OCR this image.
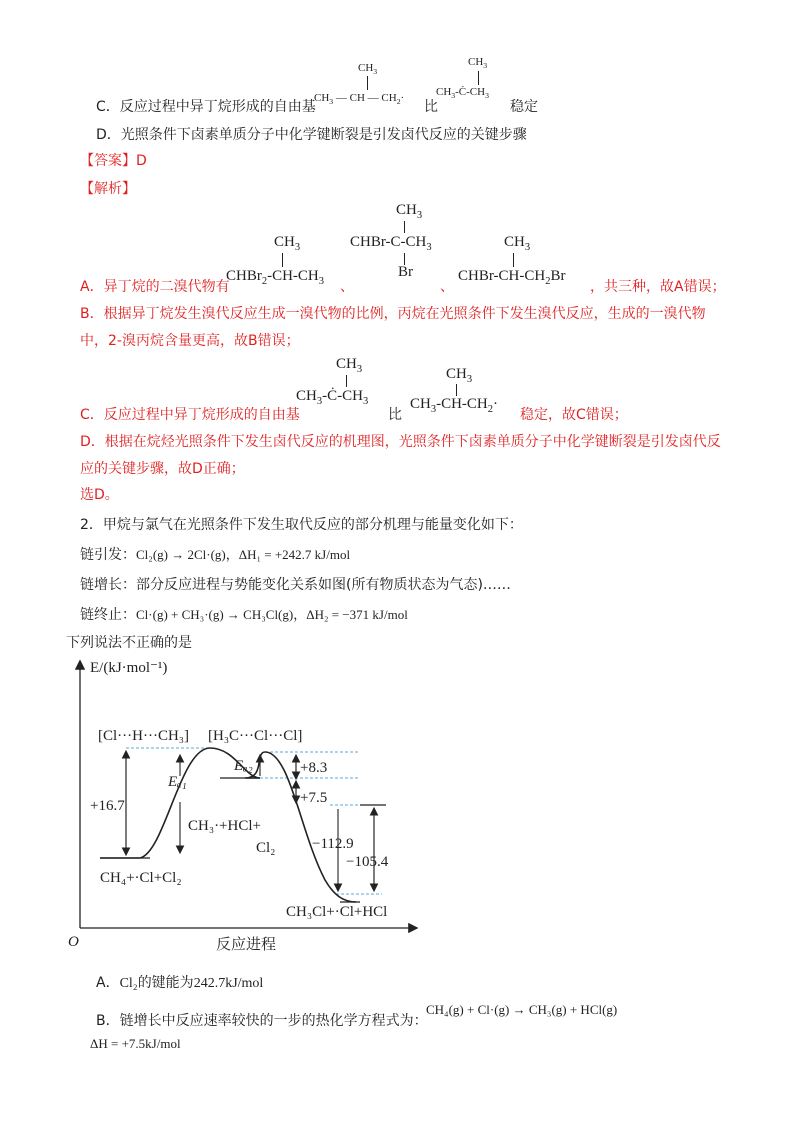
C．反应过程中异丁烷形成的自由基
$CH_3$
$CH_3$ — CH — $CH_2\cdot$
比
$CH_3$
$CH_3-Ċ-CH_3$
稳定
D．光照条件下卤素单质分子中化学键断裂是引发卤代反应的关键步骤
【答案】D
【解析】
$CH_3$
$CHBr_2-CH-CH_3$
$CH_3$
CHBr-$C-CH_3$
Br
$CH_3$
CHBr-$CH-CH_2Br$
A．异丁烷的二溴代物有	、	、	，共三种，故A错误；
B．根据异丁烷发生溴代反应生成一溴代物的比例，丙烷在光照条件下发生溴代反应，生成的一溴代物
中，2-溴丙烷含量更高，故B错误；
$CH_3$
$CH_3-Ċ-CH_3$
$CH_3$
$CH_3-CH-CH_2\cdot$
C．反应过程中异丁烷形成的自由基	比	稳定，故C错误；
D．根据在烷烃光照条件下发生卤代反应的机理图，光照条件下卤素单质分子中化学键断裂是引发卤代反
应的关键步骤，故D正确；
选D。
2．甲烷与氯气在光照条件下发生取代反应的部分机理与能量变化如下：
链引发：Cl₂(g) → 2Cl·(g)，ΔH₁ = +242.7 kJ/mol
链增长：部分反应进程与势能变化关系如图(所有物质状态为气态)……
链终止：Cl·(g) + CH₃·(g) → CH₃Cl(g)，ΔH₂ = −371 kJ/mol
下列说法不正确的是
E/(kJ·mol⁻¹)
O	反应进程
[Cl···H···CH₃] [H₃C···Cl···Cl]
+16.7
Eₐ₁
Eₐ₂	+8.3
+7.5
CH₃·+HCl+
Cl₂
CH₄+·Cl+Cl₂
−112.9
−105.4
CH₃Cl+·Cl+HCl
A．Cl₂的键能为242.7kJ/mol
B．链增长中反应速率较快的一步的热化学方程式为：
CH₄(g) + Cl·(g) → CH₃(g) + HCl(g)
ΔH = +7.5kJ/mol
